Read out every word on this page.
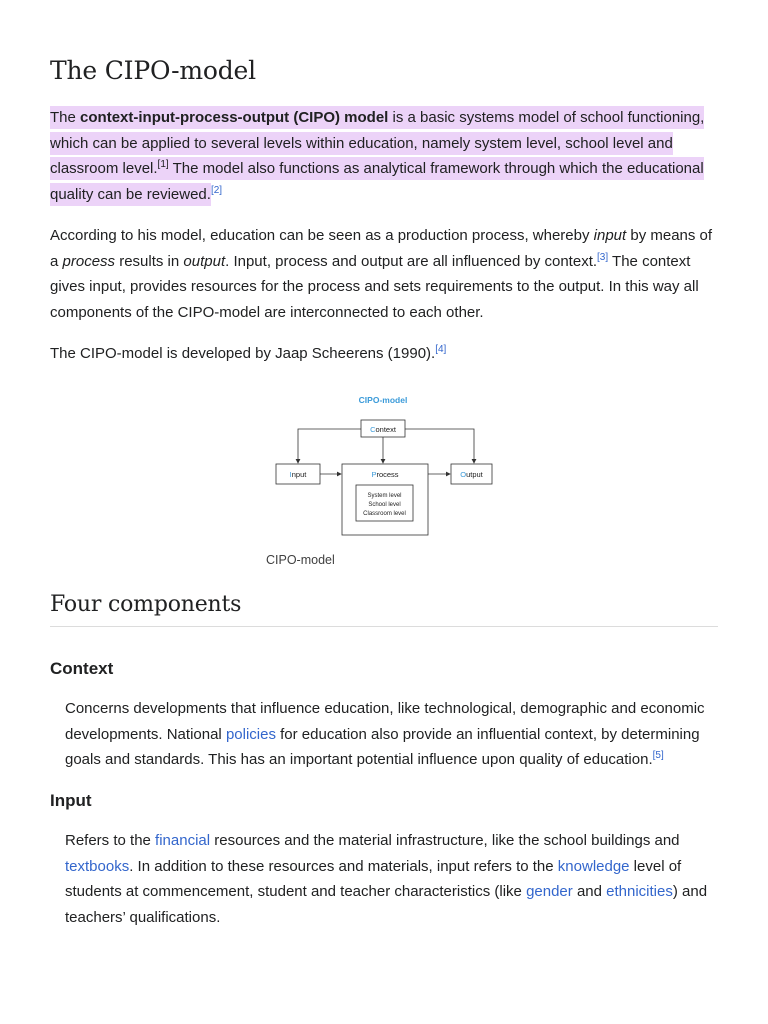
The CIPO-model

The context-input-process-output (CIPO) model is a basic systems model of school functioning, which can be applied to several levels within education, namely system level, school level and classroom level.[1] The model also functions as analytical framework through which the educational quality can be reviewed.[2]

According to his model, education can be seen as a production process, whereby input by means of a process results in output. Input, process and output are all influenced by context.[3] The context gives input, provides resources for the process and sets requirements to the output. In this way all components of the CIPO-model are interconnected to each other.

The CIPO-model is developed by Jaap Scheerens (1990).[4]

CIPO-model
Context
Input	Process
System level
School level
Classroom level
Output

CIPO-model

Four components
Context

Concerns developments that influence education, like technological, demographic and economic developments. National policies for education also provide an influential context, by determining goals and standards. This has an important potential influence upon quality of education.[5]

Input

Refers to the financial resources and the material infrastructure, like the school buildings and textbooks. In addition to these resources and materials, input refers to the knowledge level of students at commencement, student and teacher characteristics (like gender and ethnicities) and teachers’ qualifications.
